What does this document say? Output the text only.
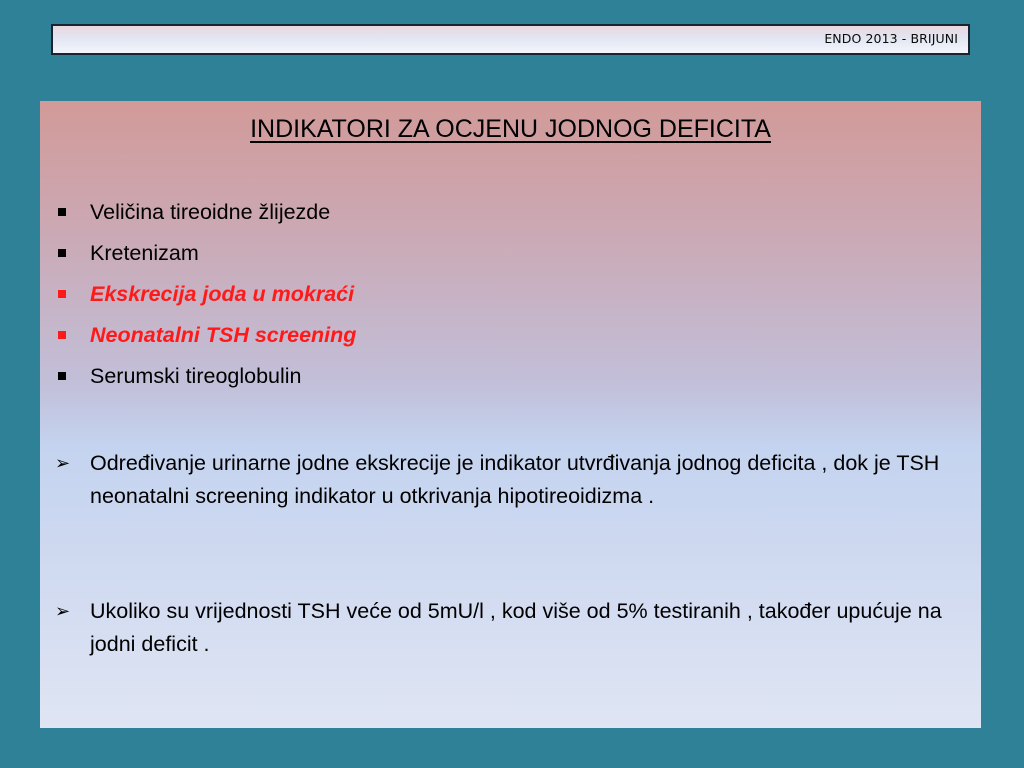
ENDO 2013 - BRIJUNI
INDIKATORI ZA OCJENU JODNOG DEFICITA
Veličina tireoidne žlijezde
Kretenizam
Ekskrecija joda u mokraći
Neonatalni TSH screening
Serumski tireoglobulin
➢ Određivanje urinarne jodne ekskrecije je indikator utvrđivanja jodnog deficita , dok je TSH neonatalni screening indikator u otkrivanja hipotireoidizma .
➢ Ukoliko su vrijednosti TSH veće od 5mU/l , kod više od 5% testiranih , također upućuje na jodni deficit .
